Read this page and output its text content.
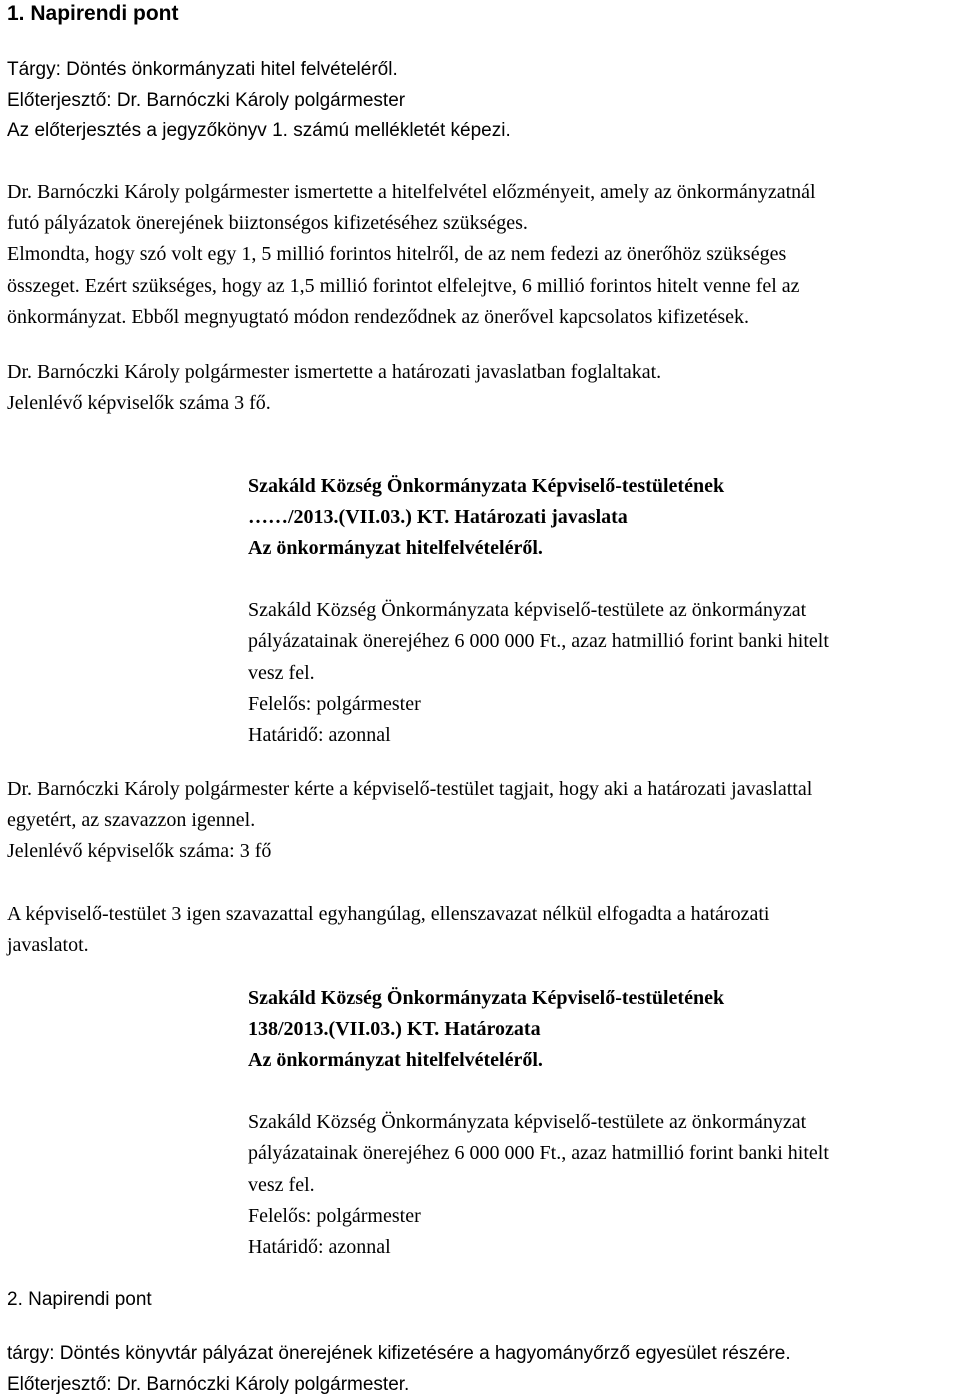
1. Napirendi pont
Tárgy: Döntés önkormányzati hitel felvételéről.
Előterjesztő: Dr. Barnóczki Károly polgármester
Az előterjesztés a jegyzőkönyv 1. számú mellékletét képezi.
Dr. Barnóczki Károly polgármester ismertette a hitelfelvétel előzményeit, amely az önkormányzatnál
futó pályázatok önerejének biiztonségos kifizetéséhez szükséges.
Elmondta, hogy szó volt egy 1, 5 millió forintos hitelről, de az nem fedezi az önerőhöz szükséges
összeget. Ezért szükséges, hogy az 1,5 millió forintot elfelejtve, 6 millió forintos hitelt venne fel az
önkormányzat. Ebből megnyugtató módon rendeződnek az önerővel kapcsolatos kifizetések.
Dr. Barnóczki Károly polgármester ismertette a határozati javaslatban foglaltakat.
Jelenlévő képviselők száma 3 fő.
Szakáld Község Önkormányzata Képviselő-testületének
……/2013.(VII.03.) KT. Határozati javaslata
Az önkormányzat hitelfelvételéről.
Szakáld Község Önkormányzata képviselő-testülete az önkormányzat
pályázatainak önerejéhez 6 000 000 Ft., azaz hatmillió forint banki hitelt
vesz fel.
Felelős: polgármester
Határidő: azonnal
Dr. Barnóczki Károly polgármester kérte a képviselő-testület tagjait, hogy aki a határozati javaslattal
egyetért, az szavazzon igennel.
Jelenlévő képviselők száma: 3 fő
A képviselő-testület 3 igen szavazattal egyhangúlag, ellenszavazat nélkül elfogadta a határozati
javaslatot.
Szakáld Község Önkormányzata Képviselő-testületének
138/2013.(VII.03.) KT. Határozata
Az önkormányzat hitelfelvételéről.
Szakáld Község Önkormányzata képviselő-testülete az önkormányzat
pályázatainak önerejéhez 6 000 000 Ft., azaz hatmillió forint banki hitelt
vesz fel.
Felelős: polgármester
Határidő: azonnal
2. Napirendi pont
tárgy: Döntés könyvtár pályázat önerejének kifizetésére a hagyományőrző egyesület részére.
Előterjesztő: Dr. Barnóczki Károly polgármester.
